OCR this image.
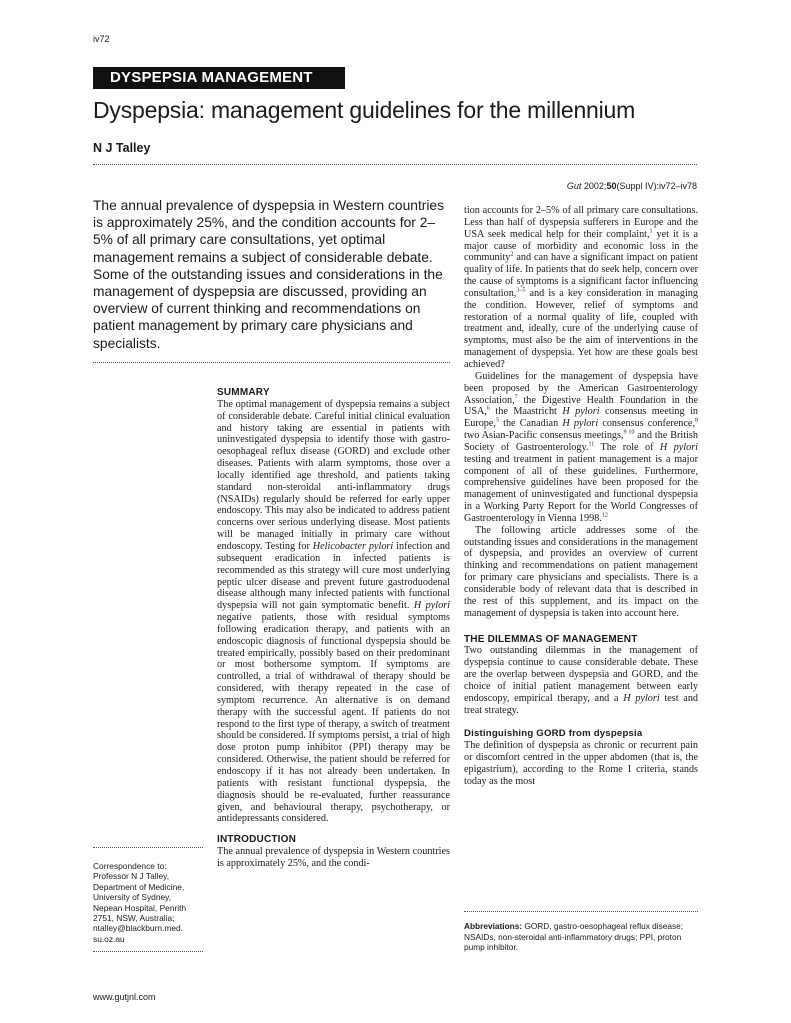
iv72
DYSPEPSIA MANAGEMENT
Dyspepsia: management guidelines for the millennium
N J Talley
Gut 2002;50(Suppl IV):iv72–iv78
The annual prevalence of dyspepsia in Western countries is approximately 25%, and the condition accounts for 2–5% of all primary care consultations, yet optimal management remains a subject of considerable debate. Some of the outstanding issues and considerations in the management of dyspepsia are discussed, providing an overview of current thinking and recommendations on patient management by primary care physicians and specialists.
SUMMARY

The optimal management of dyspepsia remains a subject of considerable debate. Careful initial clinical evaluation and history taking are essential in patients with uninvestigated dyspepsia to identify those with gastro-oesophageal reflux disease (GORD) and exclude other diseases. Patients with alarm symptoms, those over a locally identified age threshold, and patients taking standard non-steroidal anti-inflammatory drugs (NSAIDs) regularly should be referred for early upper endoscopy. This may also be indicated to address patient concerns over serious underlying disease. Most patients will be managed initially in primary care without endoscopy. Testing for Helicobacter pylori infection and subsequent eradication in infected patients is recommended as this strategy will cure most underlying peptic ulcer disease and prevent future gastroduodenal disease although many infected patients with functional dyspepsia will not gain symptomatic benefit. H pylori negative patients, those with residual symptoms following eradication therapy, and patients with an endoscopic diagnosis of functional dyspepsia should be treated empirically, possibly based on their predominant or most bothersome symptom. If symptoms are controlled, a trial of withdrawal of therapy should be considered, with therapy repeated in the case of symptom recurrence. An alternative is on demand therapy with the successful agent. If patients do not respond to the first type of therapy, a switch of treatment should be considered. If symptoms persist, a trial of high dose proton pump inhibitor (PPI) therapy may be considered. Otherwise, the patient should be referred for endoscopy if it has not already been undertaken. In patients with resistant functional dyspepsia, the diagnosis should be re-evaluated, further reassurance given, and behavioural therapy, psychotherapy, or antidepressants considered.

INTRODUCTION

The annual prevalence of dyspepsia in Western countries is approximately 25%, and the condi-

tion accounts for 2–5% of all primary care consultations. Less than half of dyspepsia sufferers in Europe and the USA seek medical help for their complaint,$^1$ yet it is a major cause of morbidity and economic loss in the community$^2$ and can have a significant impact on patient quality of life. In patients that do seek help, concern over the cause of symptoms is a significant factor influencing consultation,$^{3-5}$ and is a key consideration in managing the condition. However, relief of symptoms and restoration of a normal quality of life, coupled with treatment and, ideally, cure of the underlying cause of symptoms, must also be the aim of interventions in the management of dyspepsia. Yet how are these goals best achieved?

Guidelines for the management of dyspepsia have been proposed by the American Gastroenterology Association,$^7$ the Digestive Health Foundation in the USA,$^6$ the Maastricht H pylori consensus meeting in Europe,$^5$ the Canadian H pylori consensus conference,$^8$ two Asian-Pacific consensus meetings,$^{9 10}$ and the British Society of Gastroenterology.$^{11}$ The role of H pylori testing and treatment in patient management is a major component of all of these guidelines. Furthermore, comprehensive guidelines have been proposed for the management of uninvestigated and functional dyspepsia in a Working Party Report for the World Congresses of Gastroenterology in Vienna 1998.12

The following article addresses some of the outstanding issues and considerations in the management of dyspepsia, and provides an overview of current thinking and recommendations on patient management for primary care physicians and specialists. There is a considerable body of relevant data that is described in the rest of this supplement, and its impact on the management of dyspepsia is taken into account here.

THE DILEMMAS OF MANAGEMENT

Two outstanding dilemmas in the management of dyspepsia continue to cause considerable debate. These are the overlap between dyspepsia and GORD, and the choice of initial patient management between early endoscopy, empirical therapy, and a H pylori test and treat strategy.

Distinguishing GORD from dyspepsia

The definition of dyspepsia as chronic or recurrent pain or discomfort centred in the upper abdomen (that is, the epigastrium), according to the Rome I criteria, stands today as the most

Correspondence to:
Professor N J Talley,
Department of Medicine,
University of Sydney,
Nepean Hospital, Penrith
2751, NSW, Australia;
ntalley@blackburn.med.
su.oz.au
Abbreviations: GORD, gastro-oesophageal reflux disease; NSAIDs, non-steroidal anti-inflammatory drugs; PPI, proton pump inhibitor.
www.gutjnl.com
